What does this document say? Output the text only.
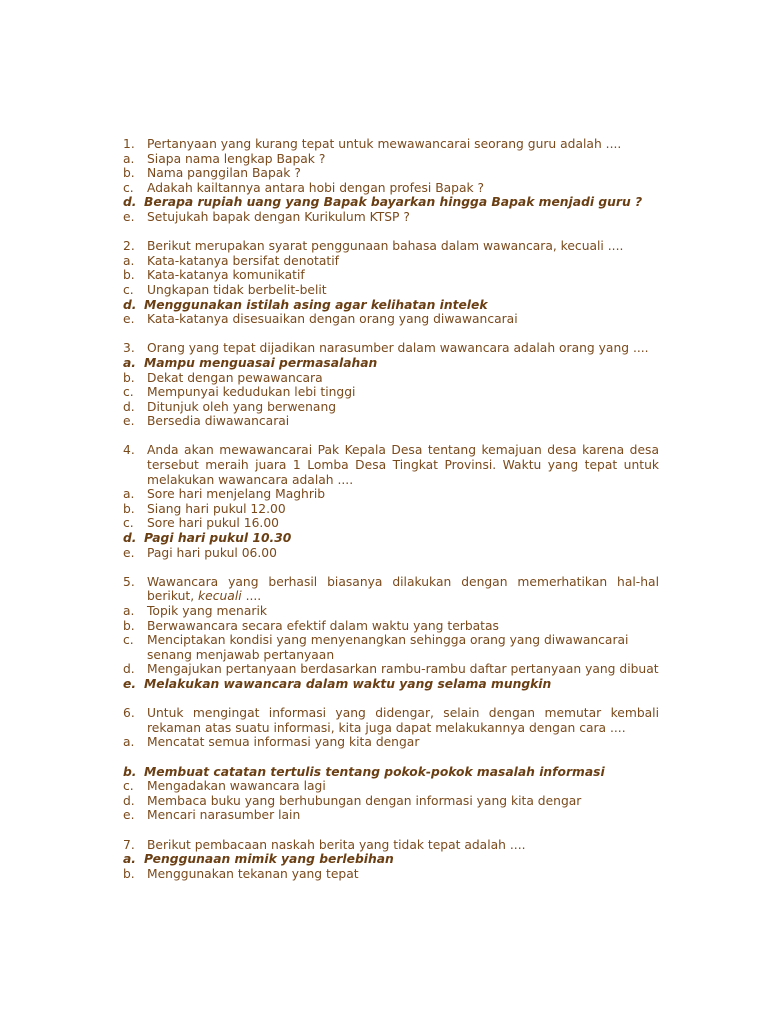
1. Pertanyaan yang kurang tepat untuk mewawancarai seorang guru adalah ....
a.	Siapa nama lengkap Bapak ?
b. Nama panggilan Bapak ?
c.	Adakah kailtannya antara hobi dengan profesi Bapak ?
d. Berapa rupiah uang yang Bapak bayarkan hingga Bapak menjadi guru ?
e.	Setujukah bapak dengan Kurikulum KTSP ?
2. Berikut merupakan syarat penggunaan bahasa dalam wawancara, kecuali ....
a.	Kata-katanya bersifat denotatif
b. Kata-katanya komunikatif
c.	Ungkapan tidak berbelit-belit
d. Menggunakan istilah asing agar kelihatan intelek
e.	Kata-katanya disesuaikan dengan orang yang diwawancarai
3. Orang yang tepat dijadikan narasumber dalam wawancara adalah orang yang ....
a. Mampu menguasai permasalahan
b. Dekat dengan pewawancara
c.	Mempunyai kedudukan lebi tinggi
d. Ditunjuk oleh yang berwenang
e.	Bersedia diwawancarai
4. Anda akan mewawancarai Pak Kepala Desa tentang kemajuan desa karena desa tersebut meraih juara 1 Lomba Desa Tingkat Provinsi. Waktu yang tepat untuk melakukan wawancara adalah ....
a.	Sore hari menjelang Maghrib
b. Siang hari pukul 12.00
c.	Sore hari pukul 16.00
d. Pagi hari pukul 10.30
e.	Pagi hari pukul 06.00
5. Wawancara yang berhasil biasanya dilakukan dengan memerhatikan hal-hal berikut, kecuali ....
a.	Topik yang menarik
b. Berwawancara secara efektif dalam waktu yang terbatas
c.	Menciptakan kondisi yang menyenangkan sehingga orang yang diwawancarai senang menjawab pertanyaan
d. Mengajukan pertanyaan berdasarkan rambu-rambu daftar pertanyaan yang dibuat
e. Melakukan wawancara dalam waktu yang selama mungkin
6. Untuk mengingat informasi yang didengar, selain dengan memutar kembali rekaman atas suatu informasi, kita juga dapat melakukannya dengan cara ....
a.	Mencatat semua informasi yang kita dengar
b. Membuat catatan tertulis tentang pokok-pokok masalah informasi
c.	Mengadakan wawancara lagi
d. Membaca buku yang berhubungan dengan informasi yang kita dengar
e.	Mencari narasumber lain
7. Berikut pembacaan naskah berita yang tidak tepat adalah ....
a. Penggunaan mimik yang berlebihan
b. Menggunakan tekanan yang tepat
